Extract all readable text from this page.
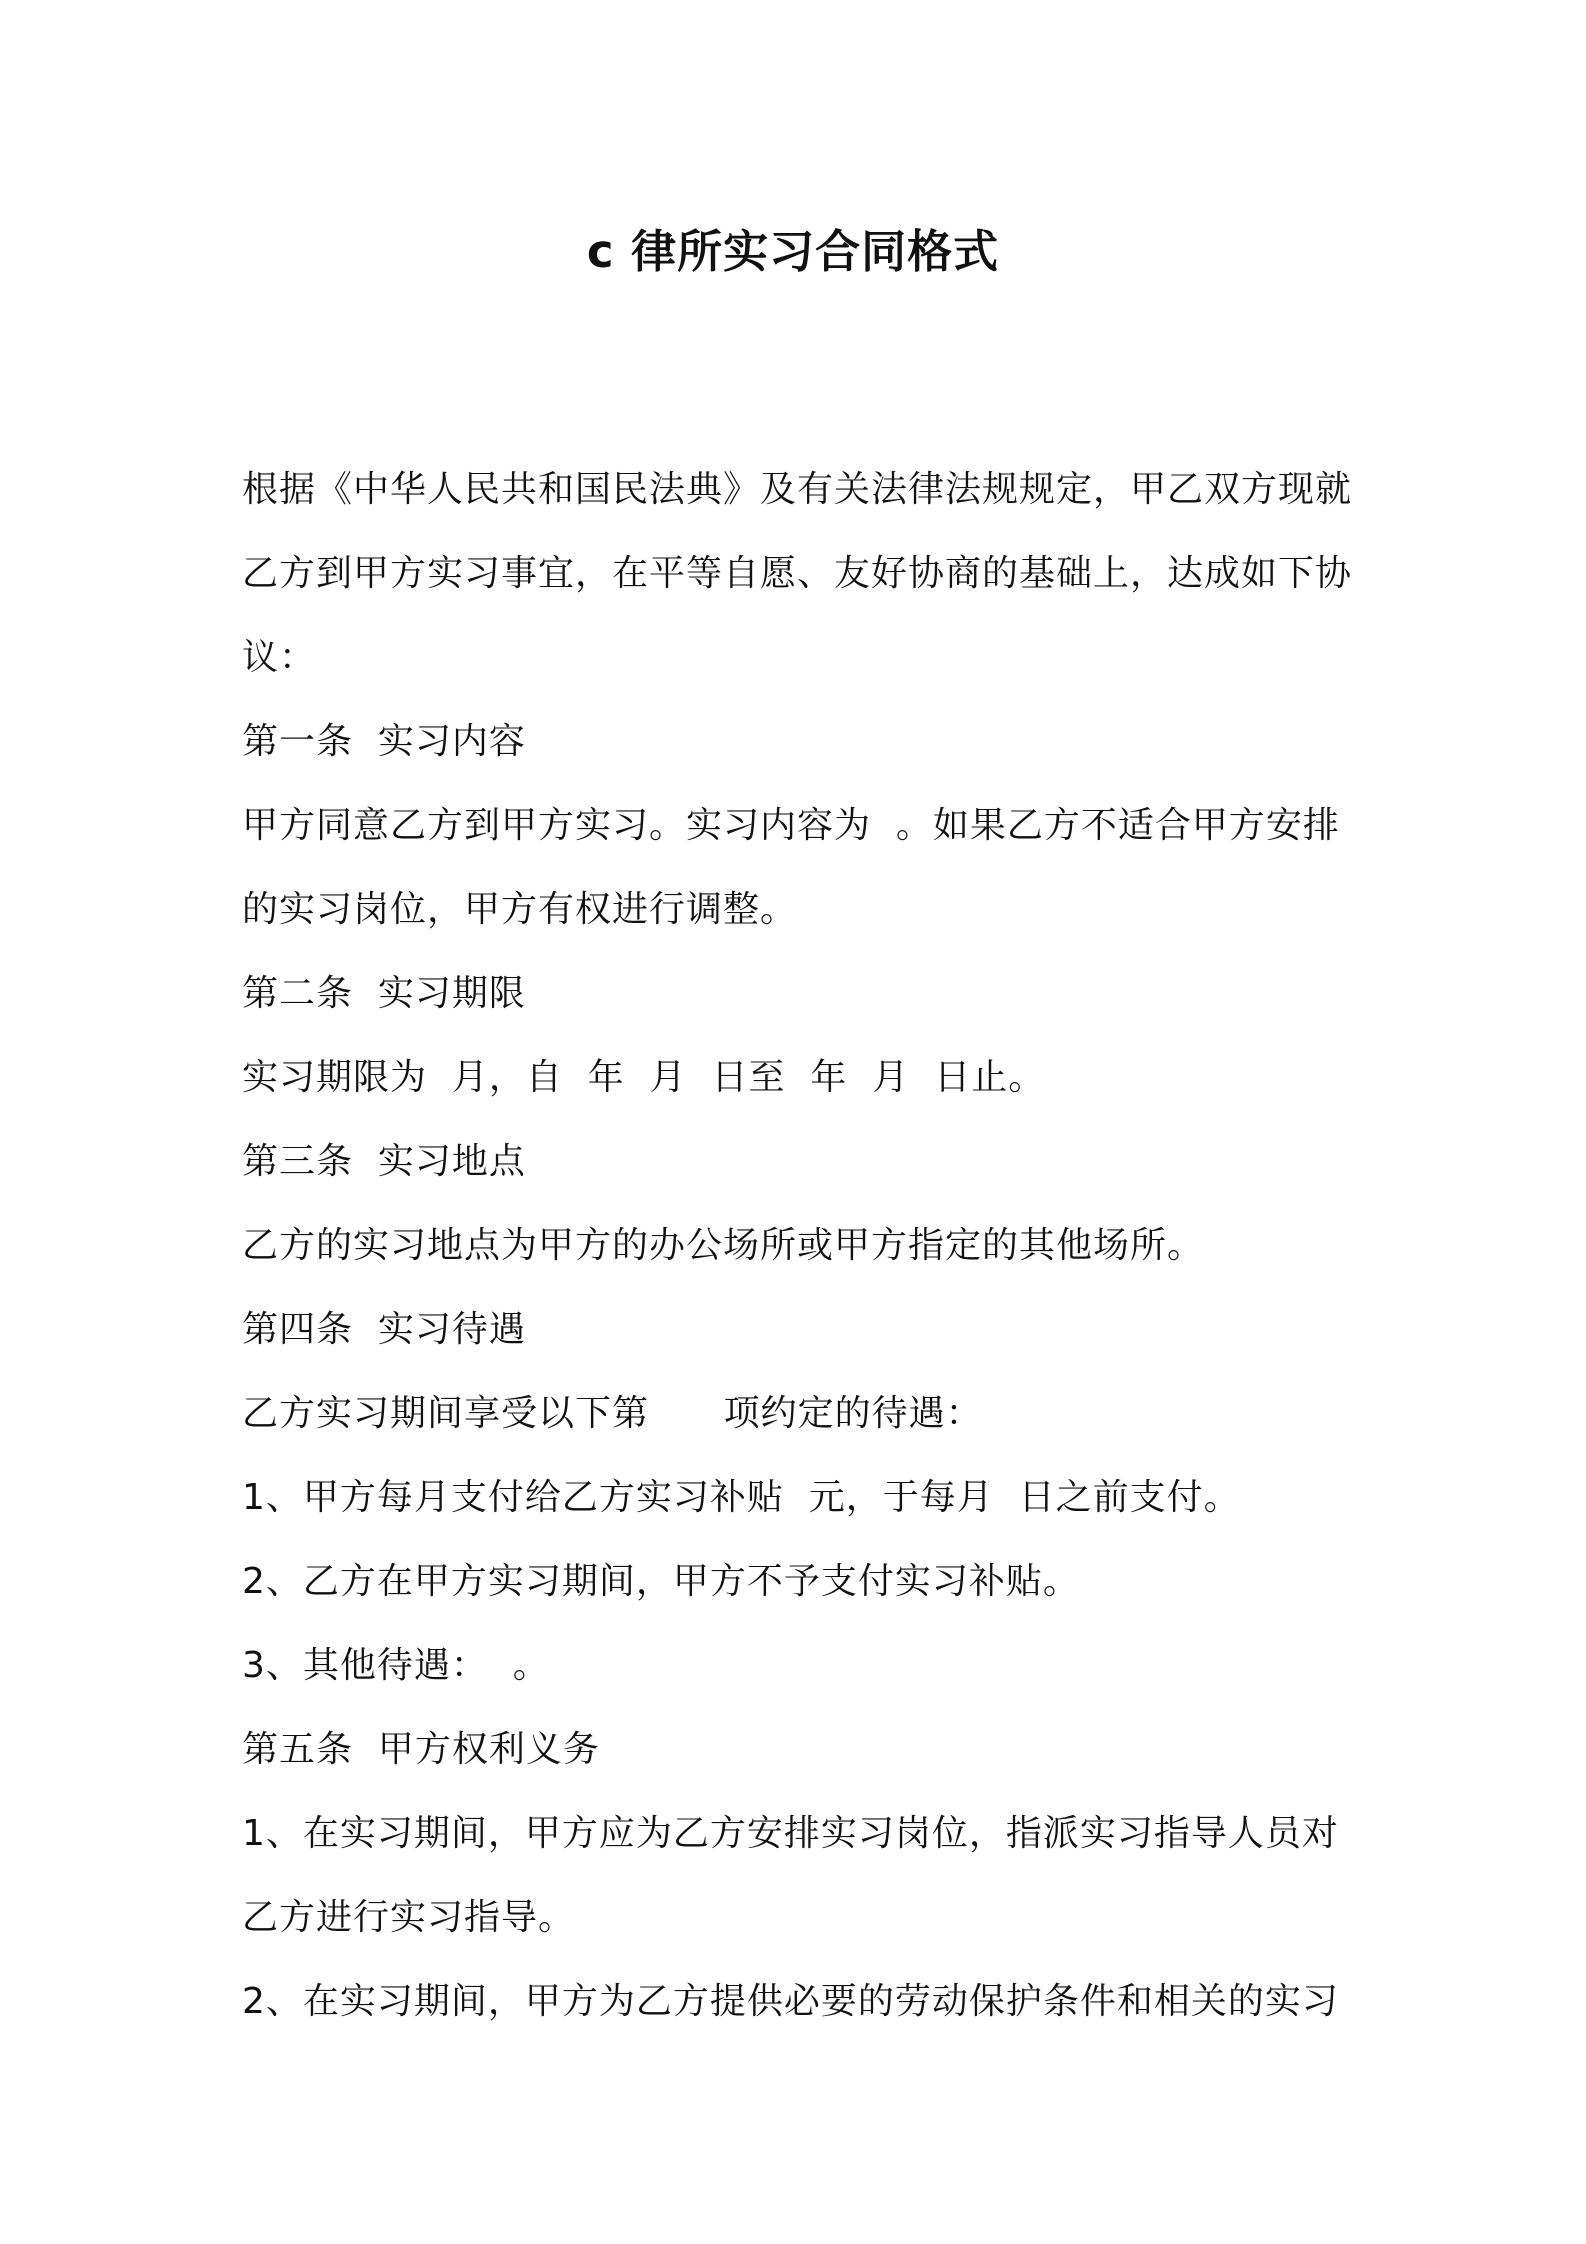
c 律所实习合同格式
根据《中华人民共和国民法典》及有关法律法规规定，甲乙双方现就
乙方到甲方实习事宜，在平等自愿、友好协商的基础上，达成如下协
议：
第一条  实习内容
甲方同意乙方到甲方实习。实习内容为  。如果乙方不适合甲方安排
的实习岗位，甲方有权进行调整。
第二条  实习期限
实习期限为  月，自  年  月  日至  年  月  日止。
第三条  实习地点
乙方的实习地点为甲方的办公场所或甲方指定的其他场所。
第四条  实习待遇
乙方实习期间享受以下第      项约定的待遇：
1、甲方每月支付给乙方实习补贴  元，于每月  日之前支付。
2、乙方在甲方实习期间，甲方不予支付实习补贴。
3、其他待遇：  。
第五条  甲方权利义务
1、在实习期间，甲方应为乙方安排实习岗位，指派实习指导人员对
乙方进行实习指导。
2、在实习期间，甲方为乙方提供必要的劳动保护条件和相关的实习
